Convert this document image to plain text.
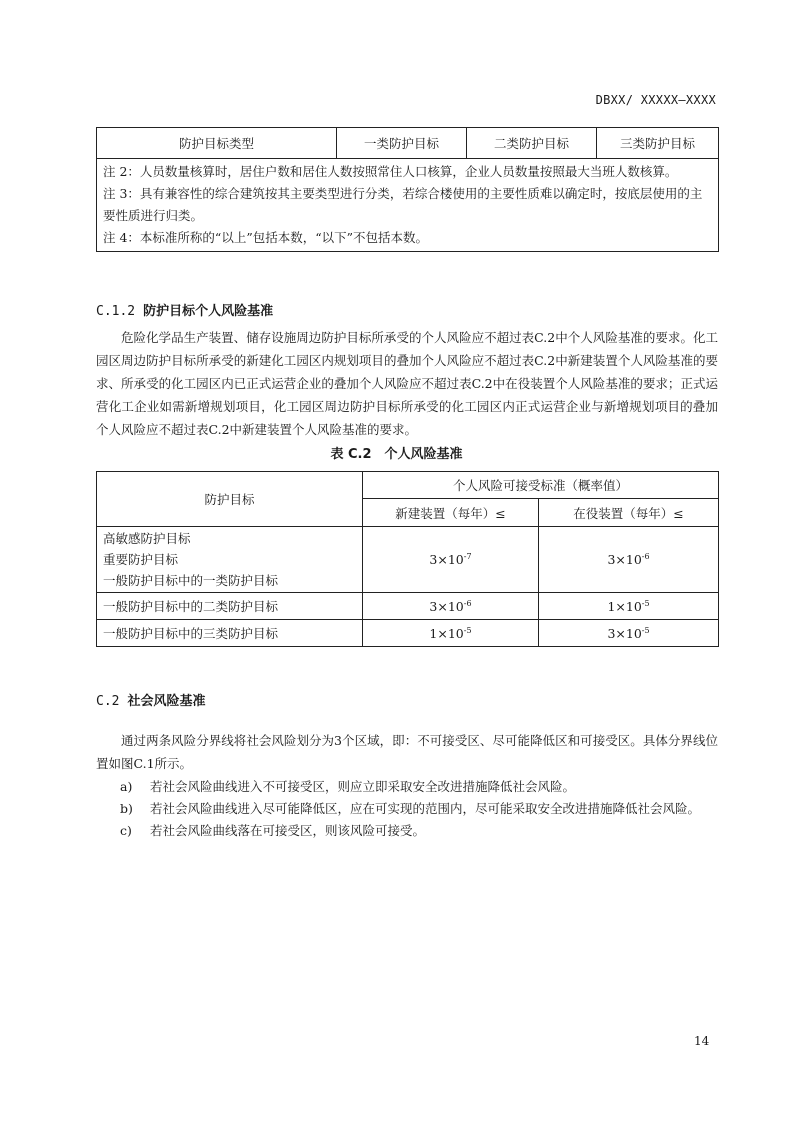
DBXX/ XXXXX—XXXX
防护目标类型	一类防护目标	二类防护目标	三类防护目标

注 2：人员数量核算时，居住户数和居住人数按照常住人口核算，企业人员数量按照最大当班人数核算。
注 3：具有兼容性的综合建筑按其主要类型进行分类，若综合楼使用的主要性质难以确定时，按底层使用的主要性质进行归类。
注 4：本标准所称的“以上”包括本数，“以下”不包括本数。
C.1.2 防护目标个人风险基准

危险化学品生产装置、储存设施周边防护目标所承受的个人风险应不超过表C.2中个人风险基准的要求。化工园区周边防护目标所承受的新建化工园区内规划项目的叠加个人风险应不超过表C.2中新建装置个人风险基准的要求、所承受的化工园区内已正式运营企业的叠加个人风险应不超过表C.2中在役装置个人风险基准的要求；正式运营化工企业如需新增规划项目，化工园区周边防护目标所承受的化工园区内正式运营企业与新增规划项目的叠加个人风险应不超过表C.2中新建装置个人风险基准的要求。

表 C.2　个人风险基准
防护目标	个人风险可接受标准（概率值）	
	新建装置（每年）≤	在役装置（每年）≤

高敏感防护目标
重要防护目标
一般防护目标中的一类防护目标	$3\times 10^{-7}$	$3\times 10^{-6}$
一般防护目标中的二类防护目标	$3\times 10^{-6}$	$1\times 10^{-5}$
一般防护目标中的三类防护目标	$1\times 10^{-5}$	$3\times 10^{-5}$
C.2 社会风险基准

通过两条风险分界线将社会风险划分为3个区域，即：不可接受区、尽可能降低区和可接受区。具体分界线位置如图C.1所示。

a)	若社会风险曲线进入不可接受区，则应立即采取安全改进措施降低社会风险。
b)	若社会风险曲线进入尽可能降低区，应在可实现的范围内，尽可能采取安全改进措施降低社会风险。
c)	若社会风险曲线落在可接受区，则该风险可接受。
14
